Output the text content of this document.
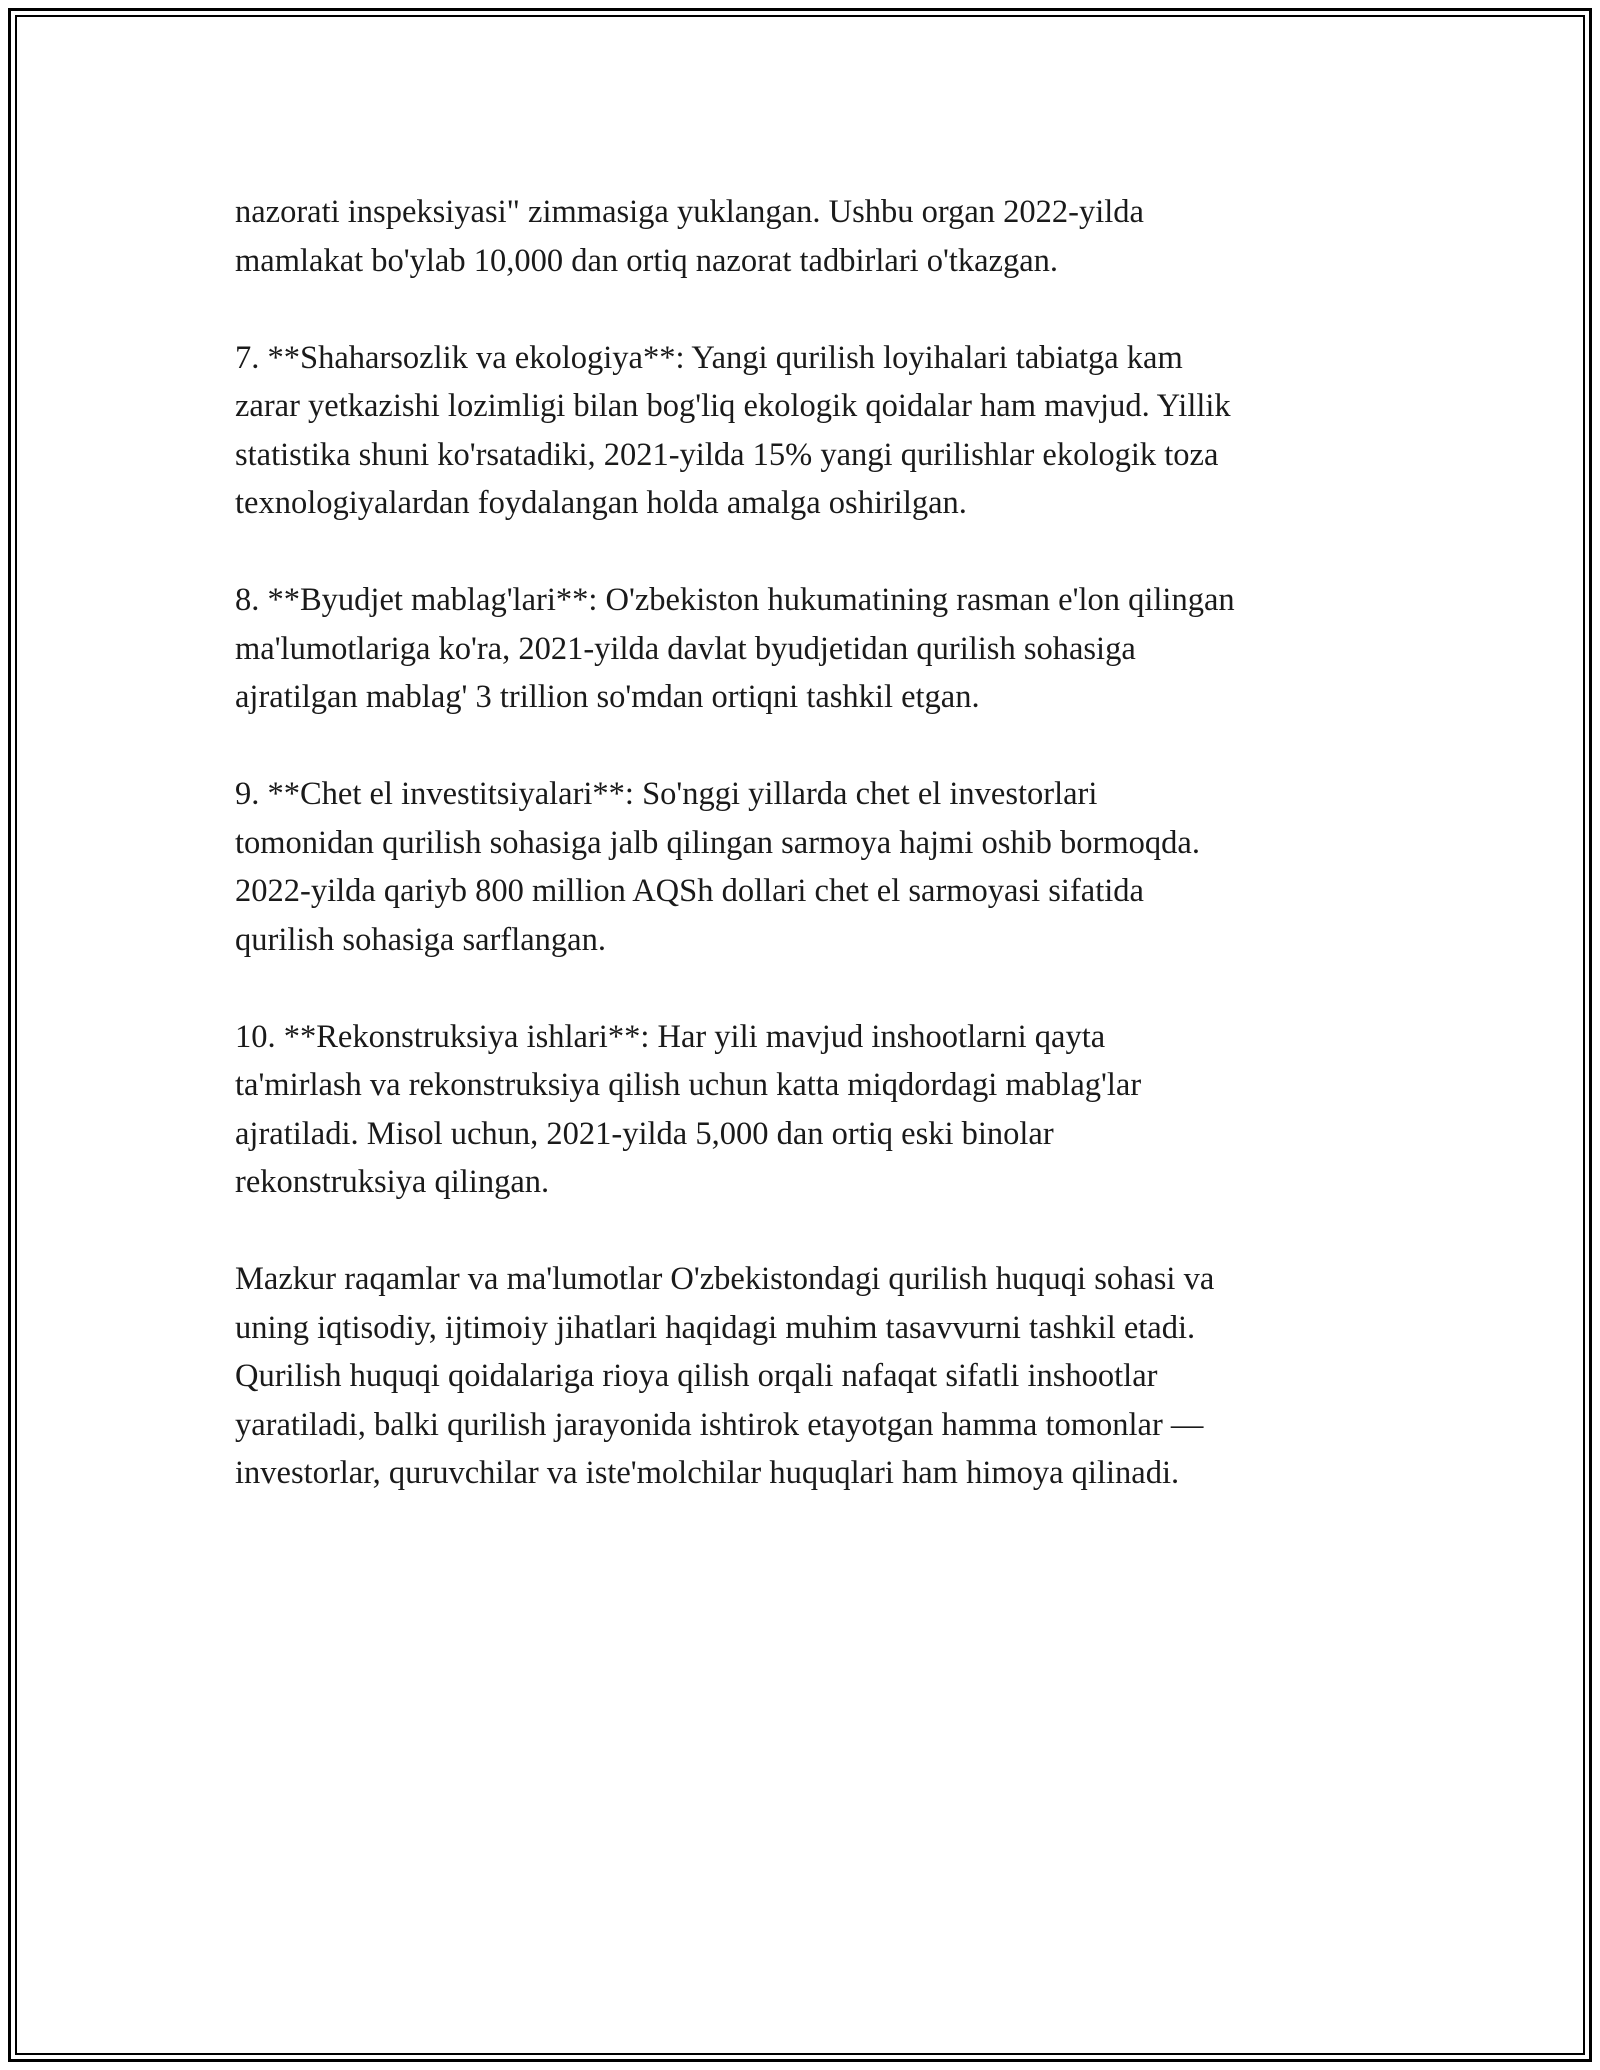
nazorati inspeksiyasi" zimmasiga yuklangan. Ushbu organ 2022-yilda
mamlakat bo'ylab 10,000 dan ortiq nazorat tadbirlari o'tkazgan.

7. **Shaharsozlik va ekologiya**: Yangi qurilish loyihalari tabiatga kam
zarar yetkazishi lozimligi bilan bog'liq ekologik qoidalar ham mavjud. Yillik
statistika shuni ko'rsatadiki, 2021-yilda 15% yangi qurilishlar ekologik toza
texnologiyalardan foydalangan holda amalga oshirilgan.

8. **Byudjet mablag'lari**: O'zbekiston hukumatining rasman e'lon qilingan
ma'lumotlariga ko'ra, 2021-yilda davlat byudjetidan qurilish sohasiga
ajratilgan mablag' 3 trillion so'mdan ortiqni tashkil etgan.

9. **Chet el investitsiyalari**: So'nggi yillarda chet el investorlari
tomonidan qurilish sohasiga jalb qilingan sarmoya hajmi oshib bormoqda.
2022-yilda qariyb 800 million AQSh dollari chet el sarmoyasi sifatida
qurilish sohasiga sarflangan.

10. **Rekonstruksiya ishlari**: Har yili mavjud inshootlarni qayta
ta'mirlash va rekonstruksiya qilish uchun katta miqdordagi mablag'lar
ajratiladi. Misol uchun, 2021-yilda 5,000 dan ortiq eski binolar
rekonstruksiya qilingan.

Mazkur raqamlar va ma'lumotlar O'zbekistondagi qurilish huquqi sohasi va
uning iqtisodiy, ijtimoiy jihatlari haqidagi muhim tasavvurni tashkil etadi.
Qurilish huquqi qoidalariga rioya qilish orqali nafaqat sifatli inshootlar
yaratiladi, balki qurilish jarayonida ishtirok etayotgan hamma tomonlar —
investorlar, quruvchilar va iste'molchilar huquqlari ham himoya qilinadi.
